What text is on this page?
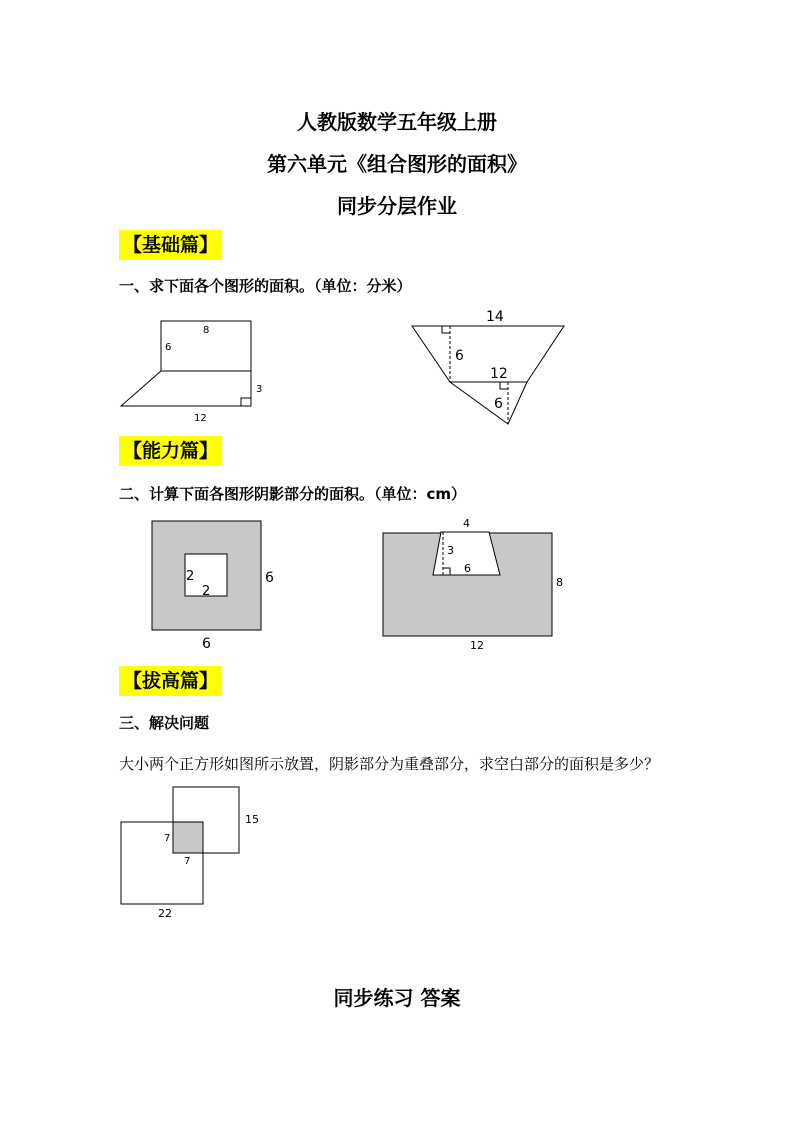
人教版数学五年级上册
第六单元《组合图形的面积》
同步分层作业
【基础篇】
一、求下面各个图形的面积。（单位：分米）
8
6
3
12
14
6
12
6
【能力篇】
二、计算下面各图形阴影部分的面积。（单位：cm）
2
2
6
6
4
3
6
8
12
【拔高篇】
三、解决问题
大小两个正方形如图所示放置，阴影部分为重叠部分，求空白部分的面积是多少？
7
7
15
22
同步练习 答案
